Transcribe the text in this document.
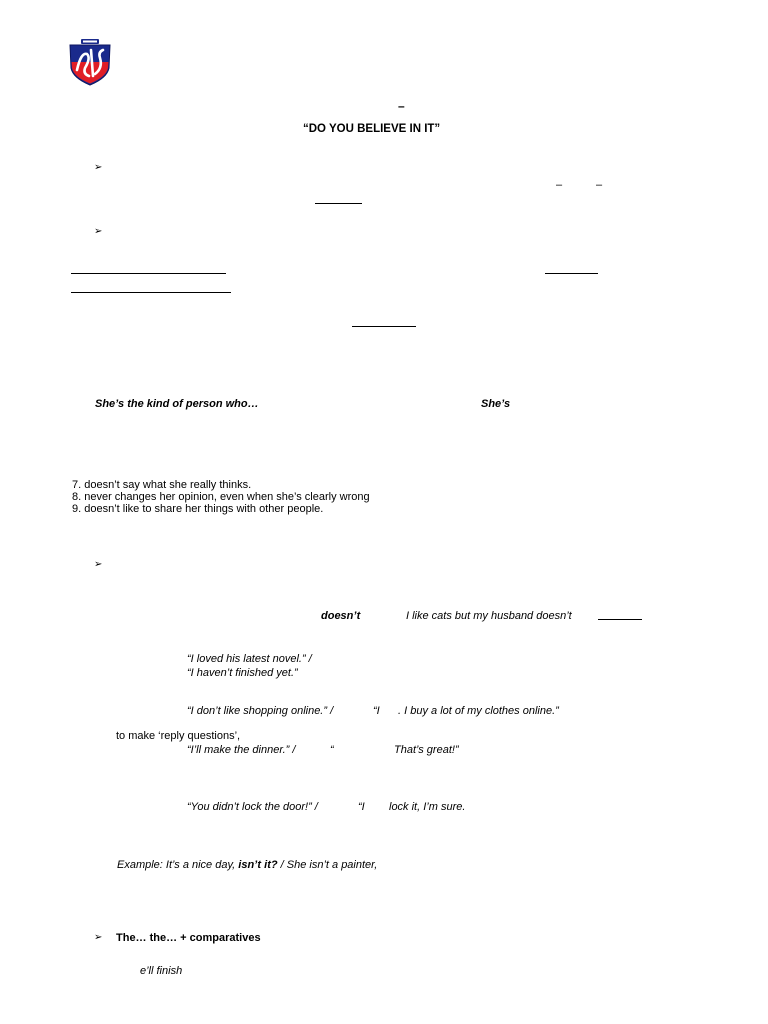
–
“DO YOU BELIEVE IN IT”
➢
–	–
➢
She’s the kind of person who…	She’s
7. doesn’t say what she really thinks.
8. never changes her opinion, even when she’s clearly wrong
9. doesn’t like to share her things with other people.
➢
doesn’t	I like cats but my husband doesn’t
“I loved his latest novel.” /
“I haven’t finished yet.”
“I don’t like shopping online.” /	“I . I buy a lot of my clothes online.”
to make ‘reply questions’,
“I’ll make the dinner.” /	“	That’s great!”
“You didn’t lock the door!” /	“I lock it, I’m sure.
Example: It’s a nice day, isn’t it? / She isn’t a painter,
➢ The… the… + comparatives
e’ll finish
